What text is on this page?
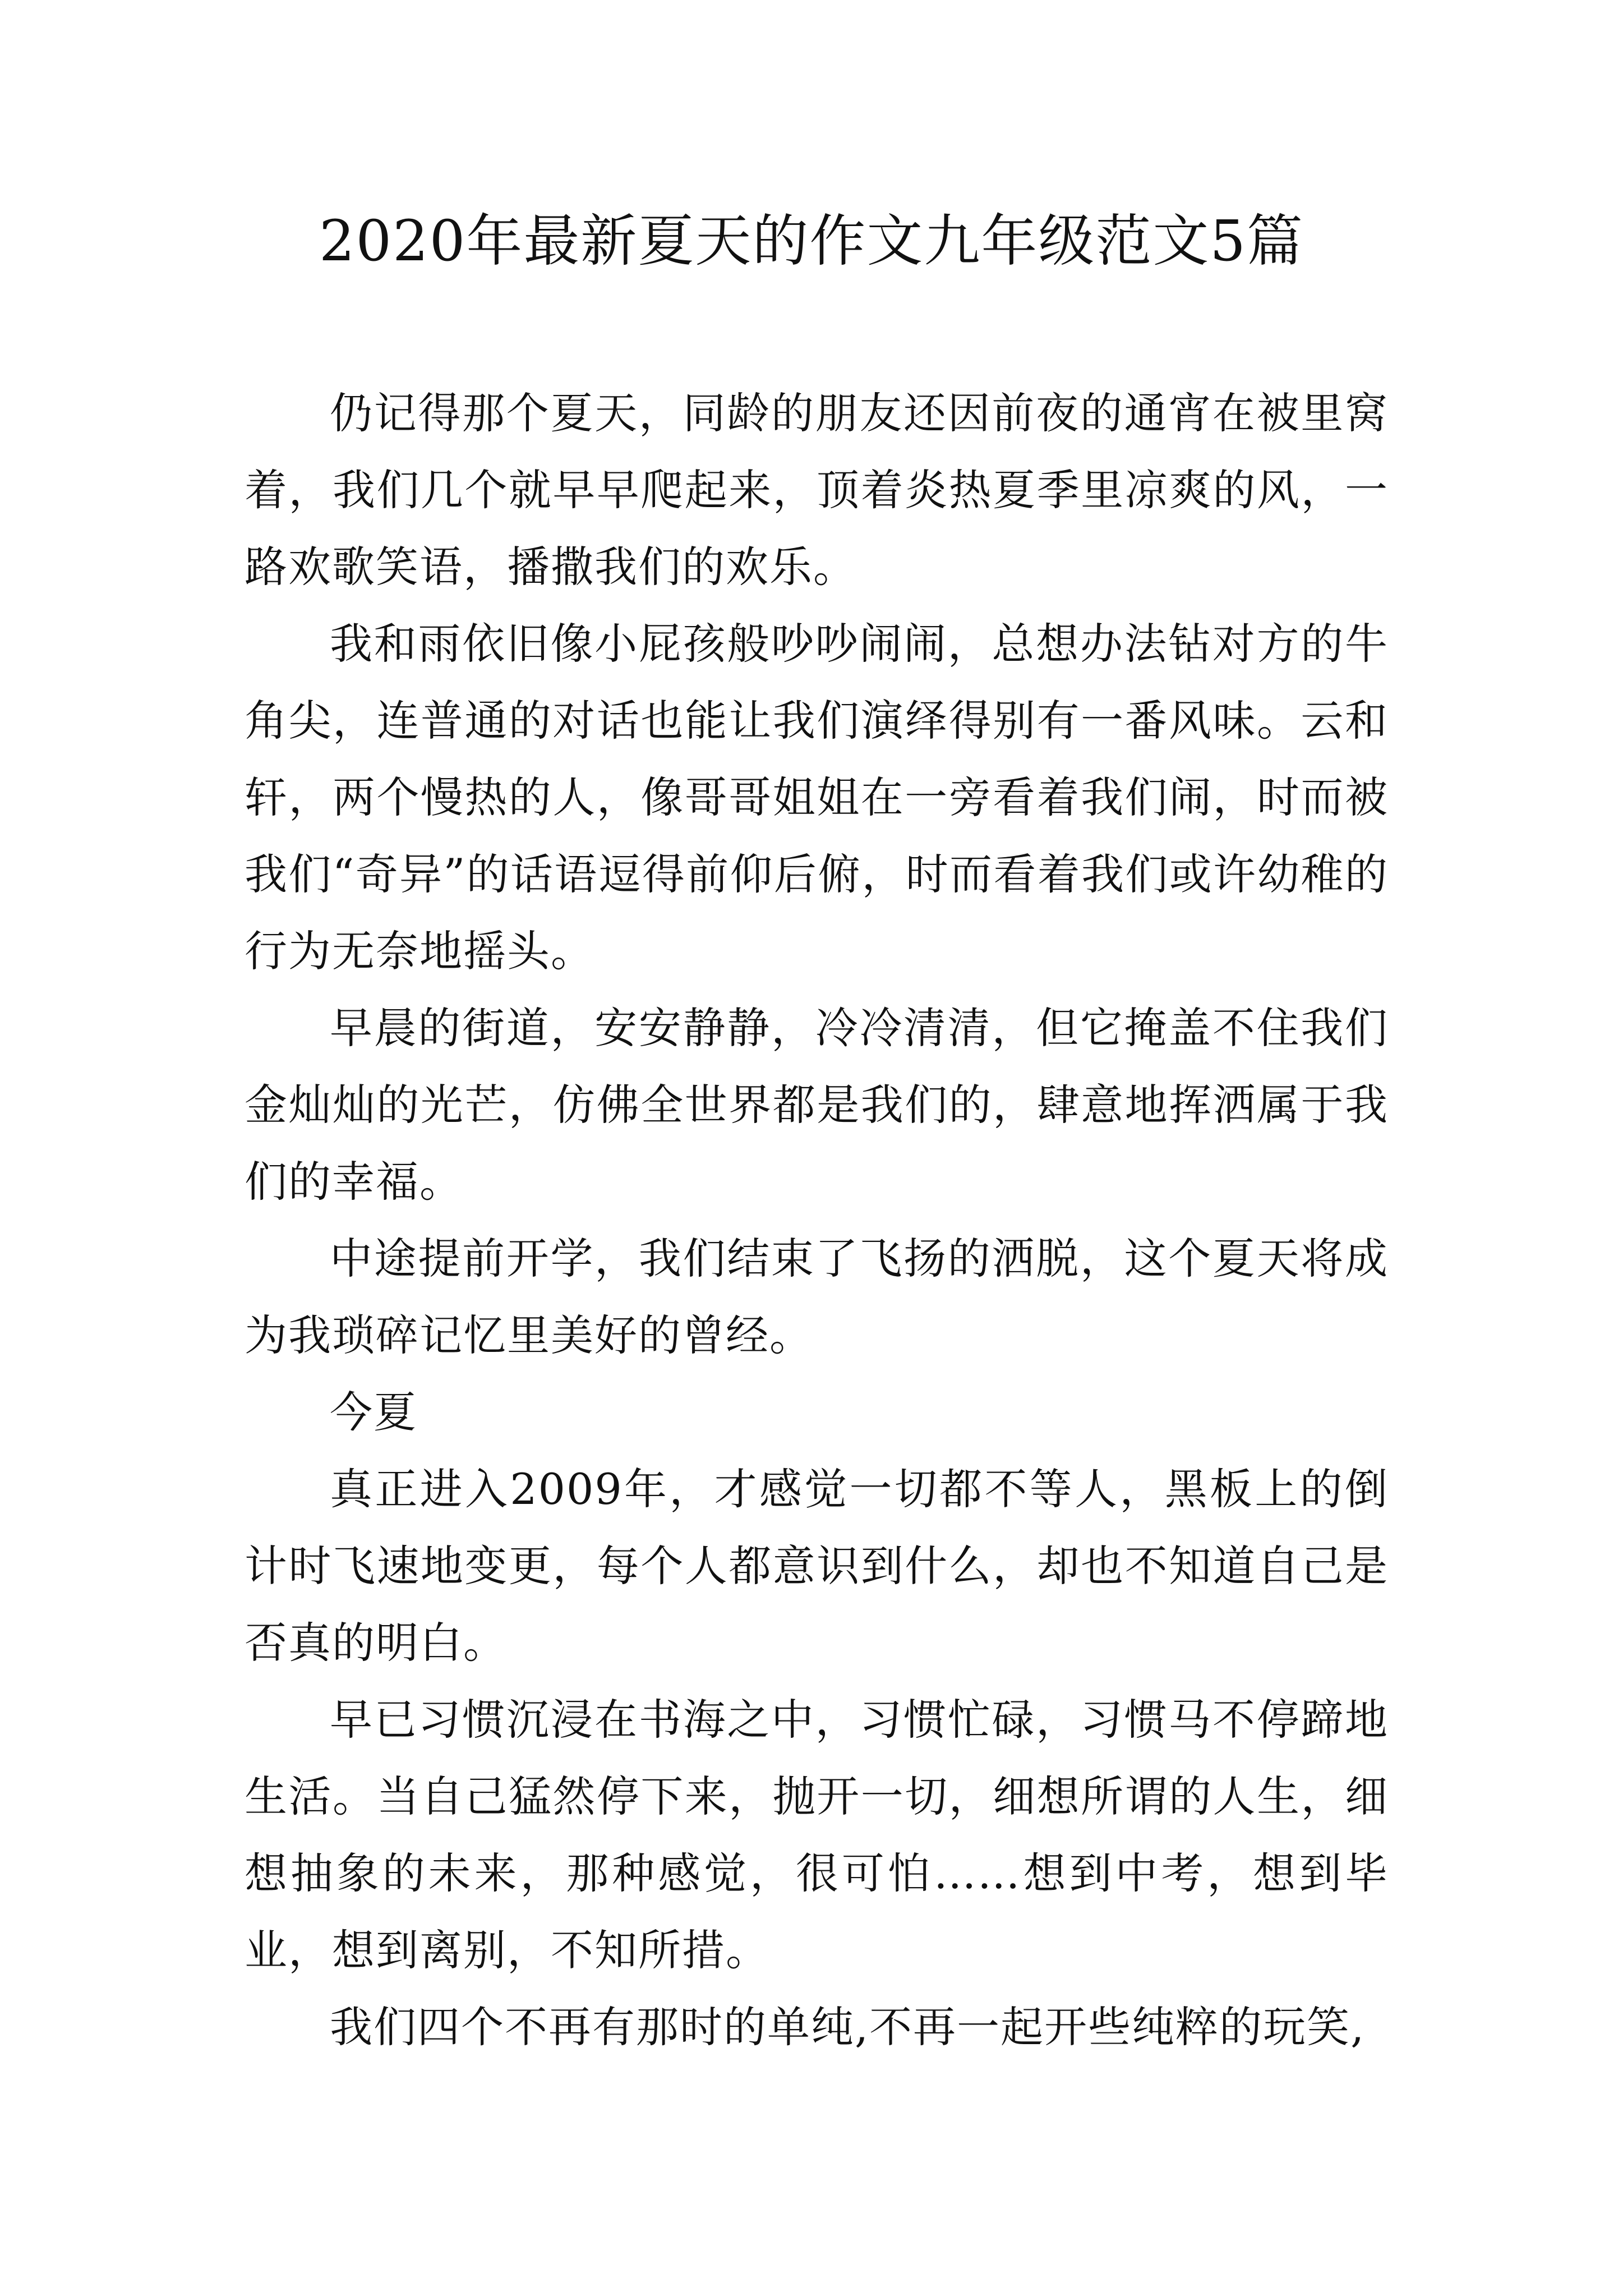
2020年最新夏天的作文九年级范文5篇

仍记得那个夏天，同龄的朋友还因前夜的通宵在被里窝着，我们几个就早早爬起来，顶着炎热夏季里凉爽的风，一路欢歌笑语，播撒我们的欢乐。

我和雨依旧像小屁孩般吵吵闹闹，总想办法钻对方的牛角尖，连普通的对话也能让我们演绎得别有一番风味。云和轩，两个慢热的人，像哥哥姐姐在一旁看着我们闹，时而被我们“奇异”的话语逗得前仰后俯，时而看着我们或许幼稚的行为无奈地摇头。

早晨的街道，安安静静，冷冷清清，但它掩盖不住我们金灿灿的光芒，仿佛全世界都是我们的，肆意地挥洒属于我们的幸福。

中途提前开学，我们结束了飞扬的洒脱，这个夏天将成为我琐碎记忆里美好的曾经。

今夏

真正进入2009年，才感觉一切都不等人，黑板上的倒计时飞速地变更，每个人都意识到什么，却也不知道自己是否真的明白。

早已习惯沉浸在书海之中，习惯忙碌，习惯马不停蹄地生活。当自己猛然停下来，抛开一切，细想所谓的人生，细想抽象的未来，那种感觉，很可怕……想到中考，想到毕业，想到离别，不知所措。

我们四个不再有那时的单纯,不再一起开些纯粹的玩笑,
